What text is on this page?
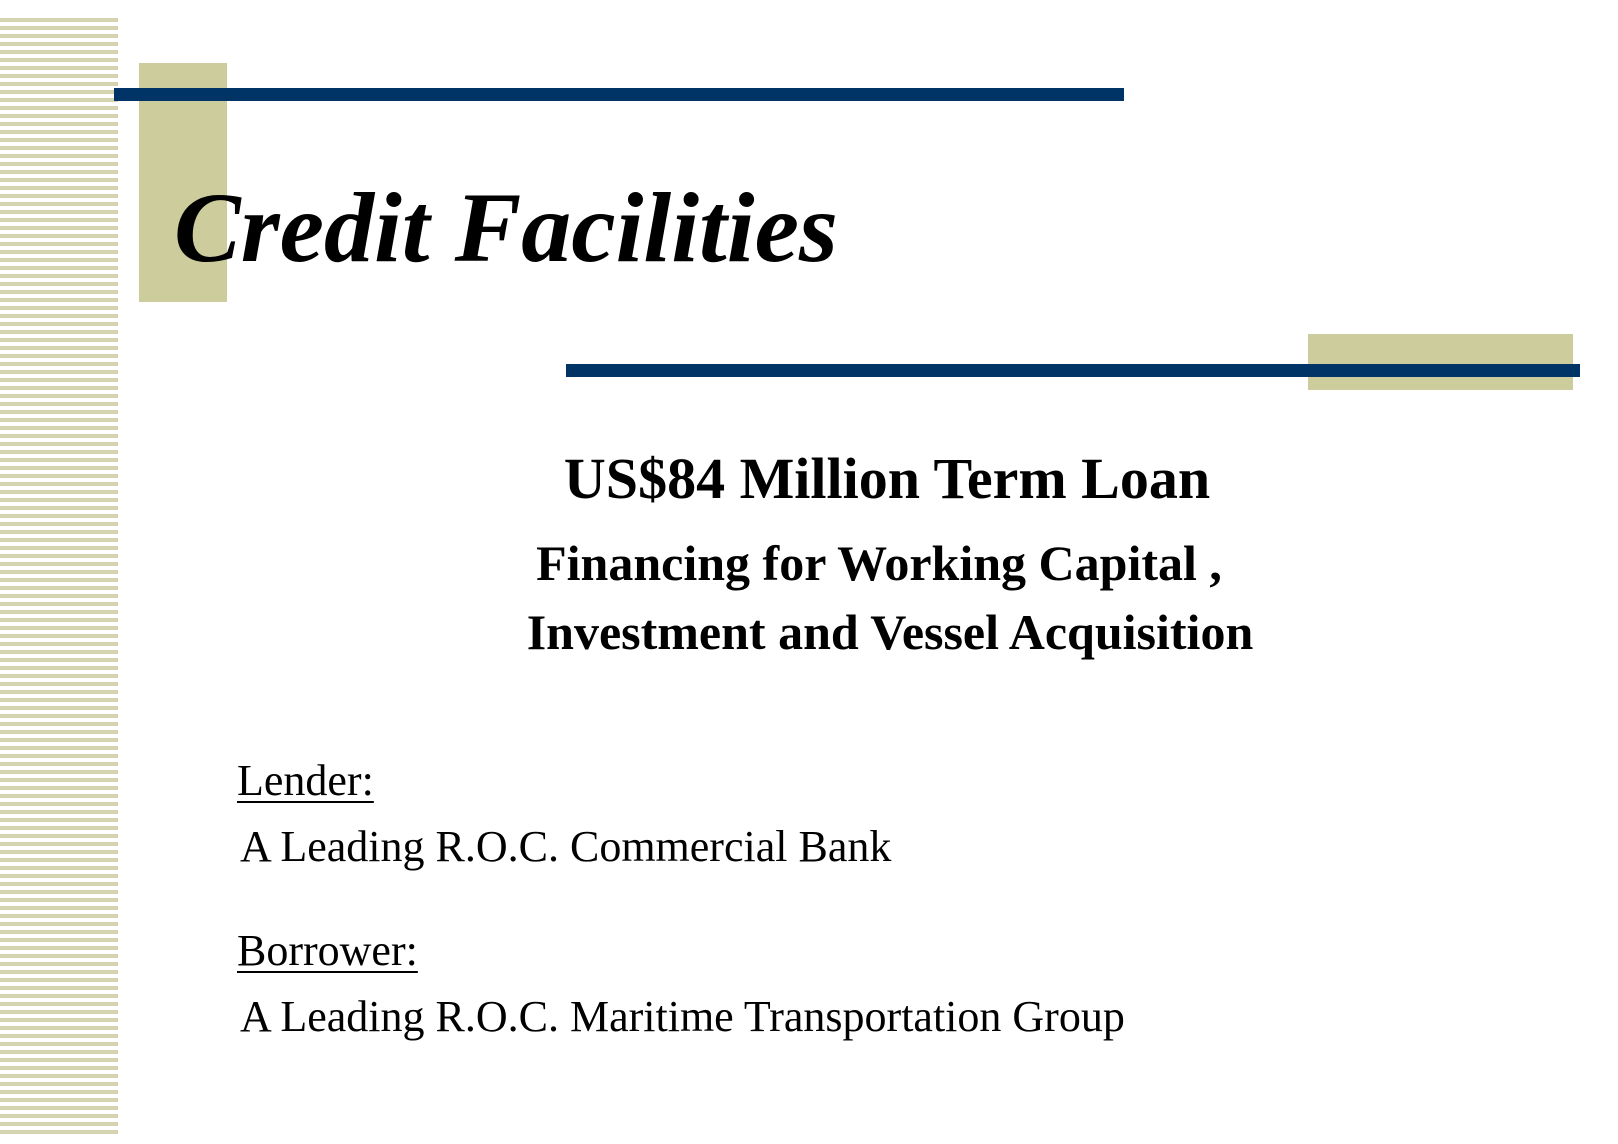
Credit Facilities
US$84 Million Term Loan
Financing for Working Capital ,
Investment and Vessel Acquisition
Lender:
A Leading R.O.C. Commercial Bank
Borrower:
A Leading R.O.C. Maritime Transportation Group
